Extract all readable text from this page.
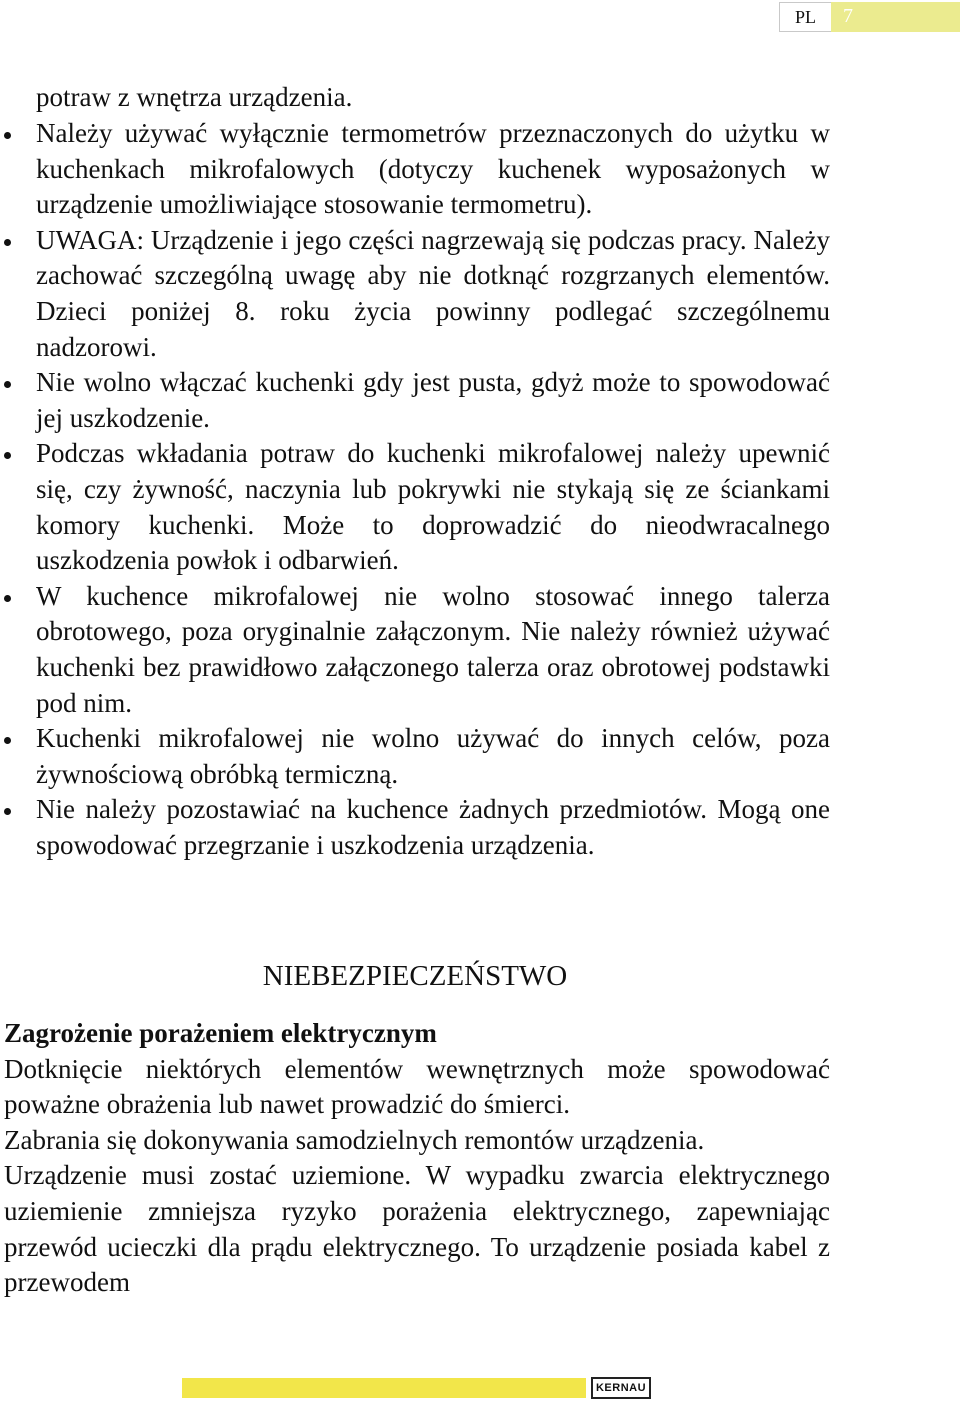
PL	7

potraw z wnętrza urządzenia.

Należy używać wyłącznie termometrów przeznaczonych do użytku w kuchenkach mikrofalowych (dotyczy kuchenek wyposażonych w urządzenie umożliwiające stosowanie termometru).
UWAGA: Urządzenie i jego części nagrzewają się podczas pracy. Należy zachować szczególną uwagę aby nie dotknąć rozgrzanych elementów. Dzieci poniżej 8. roku życia powinny podlegać szczególnemu nadzorowi.
Nie wolno włączać kuchenki gdy jest pusta, gdyż może to spowodować jej uszkodzenie.
Podczas wkładania potraw do kuchenki mikrofalowej należy upewnić się, czy żywność, naczynia lub pokrywki nie stykają się ze ściankami komory kuchenki. Może to doprowadzić do nieodwracalnego uszkodzenia powłok i odbarwień.
W kuchence mikrofalowej nie wolno stosować innego talerza obrotowego, poza oryginalnie załączonym. Nie należy również używać kuchenki bez prawidłowo załączonego talerza oraz obrotowej podstawki pod nim.
Kuchenki mikrofalowej nie wolno używać do innych celów, poza żywnościową obróbką termiczną.
Nie należy pozostawiać na kuchence żadnych przedmiotów. Mogą one spowodować przegrzanie i uszkodzenia urządzenia.
NIEBEZPIECZEŃSTWO
Zagrożenie porażeniem elektrycznym

Dotknięcie niektórych elementów wewnętrznych może spowodować poważne obrażenia lub nawet prowadzić do śmierci.

Zabrania się dokonywania samodzielnych remontów urządzenia.

Urządzenie musi zostać uziemione. W wypadku zwarcia elektrycznego uziemienie zmniejsza ryzyko porażenia elektrycznego, zapewniając przewód ucieczki dla prądu elektrycznego. To urządzenie posiada kabel z przewodem

KERNAU
